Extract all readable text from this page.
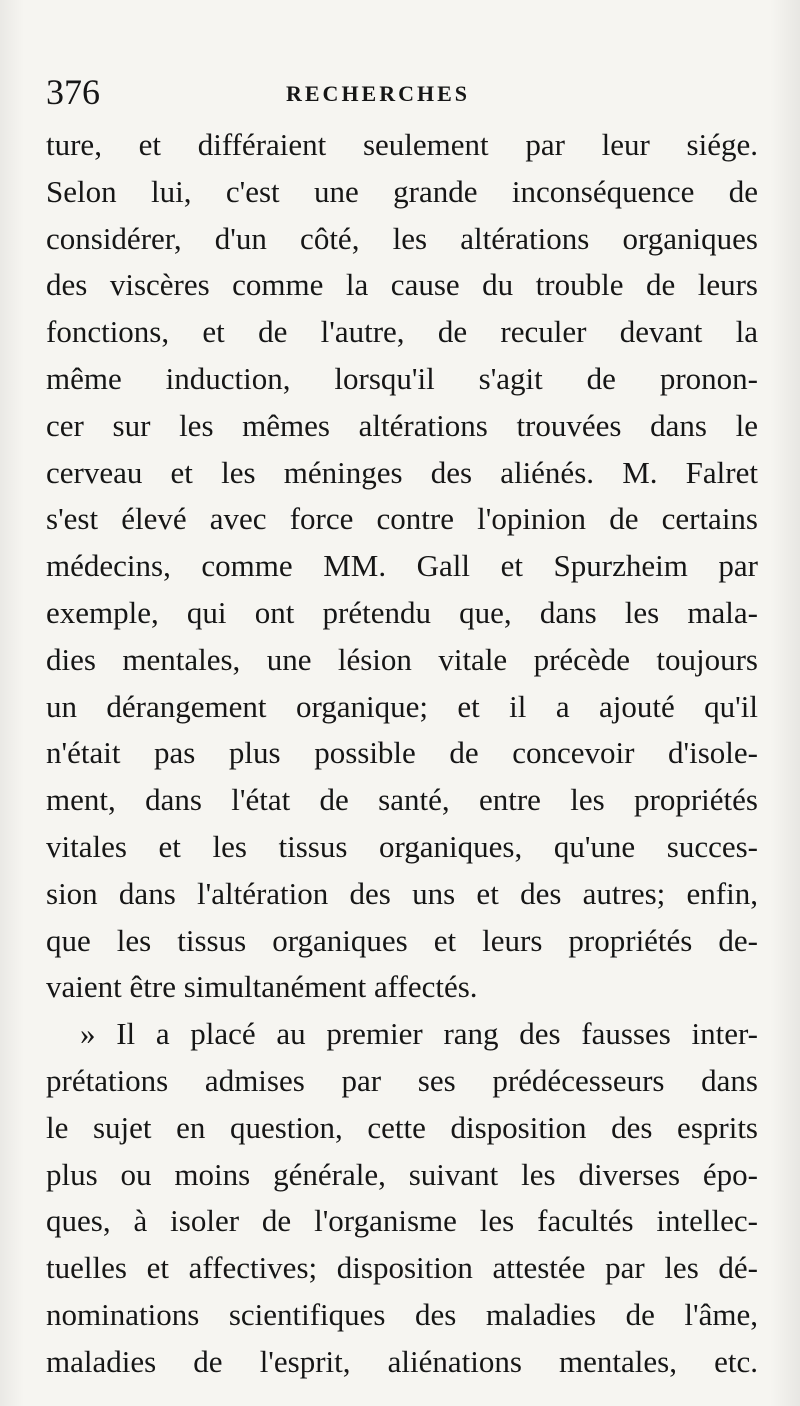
376	RECHERCHES
ture, et différaient seulement par leur siége.
Selon lui, c'est une grande inconséquence de
considérer, d'un côté, les altérations organiques
des viscères comme la cause du trouble de leurs
fonctions, et de l'autre, de reculer devant la
même induction, lorsqu'il s'agit de pronon-
cer sur les mêmes altérations trouvées dans le
cerveau et les méninges des aliénés. M. Falret
s'est élevé avec force contre l'opinion de certains
médecins, comme MM. Gall et Spurzheim par
exemple, qui ont prétendu que, dans les mala-
dies mentales, une lésion vitale précède toujours
un dérangement organique; et il a ajouté qu'il
n'était pas plus possible de concevoir d'isole-
ment, dans l'état de santé, entre les propriétés
vitales et les tissus organiques, qu'une succes-
sion dans l'altération des uns et des autres; enfin,
que les tissus organiques et leurs propriétés de-
vaient être simultanément affectés.
» Il a placé au premier rang des fausses inter-
prétations admises par ses prédécesseurs dans
le sujet en question, cette disposition des esprits
plus ou moins générale, suivant les diverses épo-
ques, à isoler de l'organisme les facultés intellec-
tuelles et affectives; disposition attestée par les dé-
nominations scientifiques des maladies de l'âme,
maladies de l'esprit, aliénations mentales, etc.
